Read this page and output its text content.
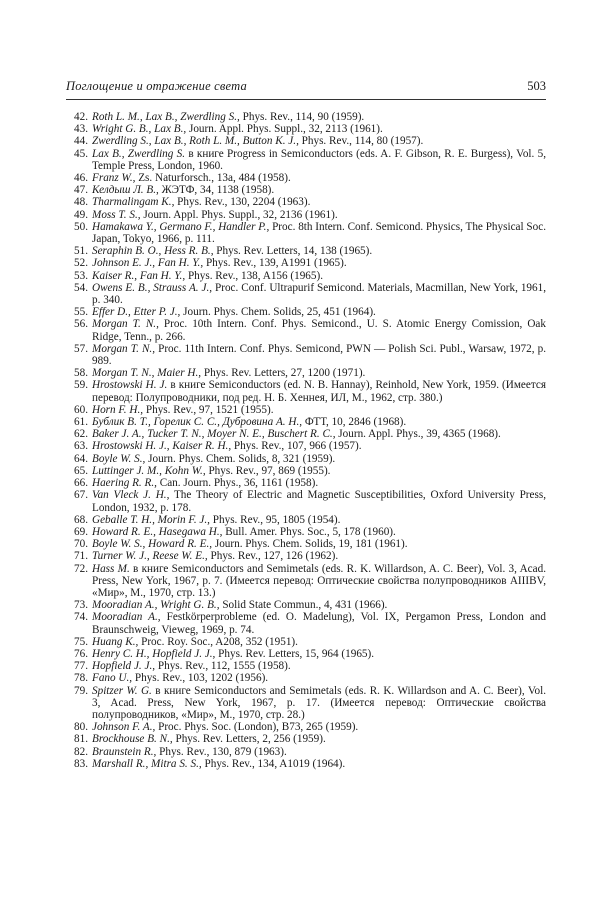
Поглощение и отражение света	503
42. Roth L. M., Lax B., Zwerdling S., Phys. Rev., 114, 90 (1959).
43. Wright G. B., Lax B., Journ. Appl. Phys. Suppl., 32, 2113 (1961).
44. Zwerdling S., Lax B., Roth L. M., Button K. J., Phys. Rev., 114, 80 (1957).
45. Lax B., Zwerdling S. в книге Progress in Semiconductors (eds. A. F. Gibson, R. E. Burgess), Vol. 5, Temple Press, London, 1960.
46. Franz W., Zs. Naturforsch., 13a, 484 (1958).
47. Келдыш Л. В., ЖЭТФ, 34, 1138 (1958).
48. Tharmalingam K., Phys. Rev., 130, 2204 (1963).
49. Moss T. S., Journ. Appl. Phys. Suppl., 32, 2136 (1961).
50. Hamakawa Y., Germano F., Handler P., Proc. 8th Intern. Conf. Semicond. Physics, The Physical Soc. Japan, Tokyo, 1966, p. 111.
51. Seraphin B. O., Hess R. B., Phys. Rev. Letters, 14, 138 (1965).
52. Johnson E. J., Fan H. Y., Phys. Rev., 139, A1991 (1965).
53. Kaiser R., Fan H. Y., Phys. Rev., 138, A156 (1965).
54. Owens E. B., Strauss A. J., Proc. Conf. Ultrapurif Semicond. Materials, Macmillan, New York, 1961, p. 340.
55. Effer D., Etter P. J., Journ. Phys. Chem. Solids, 25, 451 (1964).
56. Morgan T. N., Proc. 10th Intern. Conf. Phys. Semicond., U. S. Atomic Energy Comission, Oak Ridge, Tenn., p. 266.
57. Morgan T. N., Proc. 11th Intern. Conf. Phys. Semicond, PWN — Polish Sci. Publ., Warsaw, 1972, p. 989.
58. Morgan T. N., Maier H., Phys. Rev. Letters, 27, 1200 (1971).
59. Hrostowski H. J. в книге Semiconductors (ed. N. B. Hannay), Reinhold, New York, 1959. (Имеется перевод: Полупроводники, под ред. Н. Б. Хеннея, ИЛ, М., 1962, стр. 380.)
60. Horn F. H., Phys. Rev., 97, 1521 (1955).
61. Бублик В. Т., Горелик С. С., Дубровина А. Н., ФТТ, 10, 2846 (1968).
62. Baker J. A., Tucker T. N., Moyer N. E., Buschert R. C., Journ. Appl. Phys., 39, 4365 (1968).
63. Hrostowski H. J., Kaiser R. H., Phys. Rev., 107, 966 (1957).
64. Boyle W. S., Journ. Phys. Chem. Solids, 8, 321 (1959).
65. Luttinger J. M., Kohn W., Phys. Rev., 97, 869 (1955).
66. Haering R. R., Can. Journ. Phys., 36, 1161 (1958).
67. Van Vleck J. H., The Theory of Electric and Magnetic Susceptibilities, Oxford University Press, London, 1932, p. 178.
68. Geballe T. H., Morin F. J., Phys. Rev., 95, 1805 (1954).
69. Howard R. E., Hasegawa H., Bull. Amer. Phys. Soc., 5, 178 (1960).
70. Boyle W. S., Howard R. E., Journ. Phys. Chem. Solids, 19, 181 (1961).
71. Turner W. J., Reese W. E., Phys. Rev., 127, 126 (1962).
72. Hass M. в книге Semiconductors and Semimetals (eds. R. K. Willardson, A. C. Beer), Vol. 3, Acad. Press, New York, 1967, p. 7. (Имеется перевод: Оптические свойства полупроводников AIIIBV, «Мир», М., 1970, стр. 13.)
73. Mooradian A., Wright G. B., Solid State Commun., 4, 431 (1966).
74. Mooradian A., Festkörperprobleme (ed. O. Madelung), Vol. IX, Pergamon Press, London and Braunschweig, Vieweg, 1969, p. 74.
75. Huang K., Proc. Roy. Soc., A208, 352 (1951).
76. Henry C. H., Hopfield J. J., Phys. Rev. Letters, 15, 964 (1965).
77. Hopfield J. J., Phys. Rev., 112, 1555 (1958).
78. Fano U., Phys. Rev., 103, 1202 (1956).
79. Spitzer W. G. в книге Semiconductors and Semimetals (eds. R. K. Willardson and A. C. Beer), Vol. 3, Acad. Press, New York, 1967, p. 17. (Имеется перевод: Оптические свойства полупроводников, «Мир», М., 1970, стр. 28.)
80. Johnson F. A., Proc. Phys. Soc. (London), B73, 265 (1959).
81. Brockhouse B. N., Phys. Rev. Letters, 2, 256 (1959).
82. Braunstein R., Phys. Rev., 130, 879 (1963).
83. Marshall R., Mitra S. S., Phys. Rev., 134, A1019 (1964).
